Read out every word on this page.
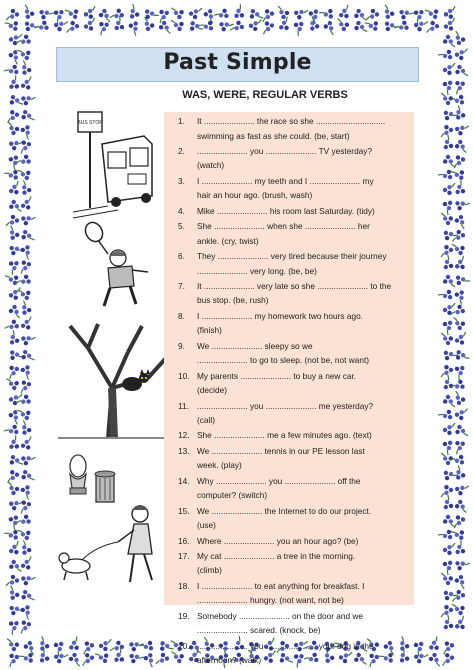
Past Simple
WAS, WERE, REGULAR VERBS
BUS STOP	1.	It ...................... the race so she ..............................
swimming as fast as she could. (be, start)
2.	...................... you ...................... TV yesterday?
(watch)
3.	I ...................... my teeth and I ...................... my
hair an hour ago. (brush, wash)
4.	Mike ...................... his room last Saturday. (tidy)
5.	She ...................... when she ...................... her
ankle. (cry, twist)
6.	They ...................... very tired because their journey
...................... very long. (be, be)
7.	It ...................... very late so she ...................... to the
bus stop. (be, rush)
8.	I ...................... my homework two hours ago.
(finish)
9.	We ...................... sleepy so we
...................... to go to sleep. (not be, not want)
10. My parents ...................... to buy a new car.
(decide)
11. ...................... you ...................... me yesterday?
(call)
12. She ...................... me a few minutes ago. (text)
13. We ...................... tennis in our PE lesson last
week. (play)
14. Why ...................... you ...................... off the
computer? (switch)
15. We ...................... the Internet to do our project.
(use)
16. Where ...................... you an hour ago? (be)
17. My cat ...................... a tree in the morning.
(climb)
18. I ...................... to eat anything for breakfast. I
...................... hungry. (not want, not be)
19. Somebody ...................... on the door and we
...................... scared. (knock, be)
20. ...................... you ...................... your dog in the
afternoon? (walk)
